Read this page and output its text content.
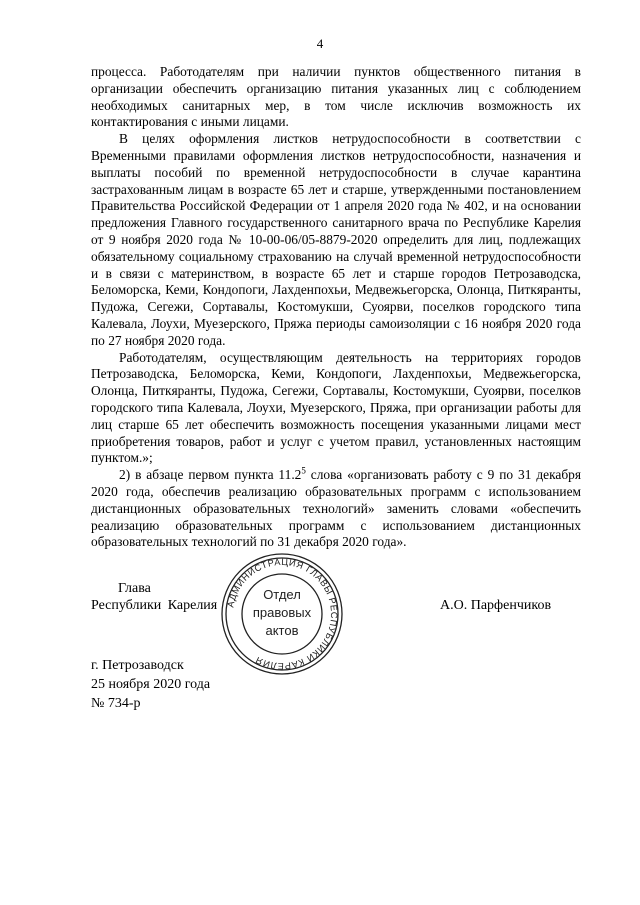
4

процесса. Работодателям при наличии пунктов общественного питания в организации обеспечить организацию питания указанных лиц с соблюдением необходимых санитарных мер, в том числе исключив возможность их контактирования с иными лицами.

В целях оформления листков нетрудоспособности в соответствии с Временными правилами оформления листков нетрудоспособности, назначения и выплаты пособий по временной нетрудоспособности в случае карантина застрахованным лицам в возрасте 65 лет и старше, утвержденными постановлением Правительства Российской Федерации от 1 апреля 2020 года № 402, и на основании предложения Главного государственного санитарного врача по Республике Карелия от 9 ноября 2020 года № 10-00-06/05-8879-2020 определить для лиц, подлежащих обязательному социальному страхованию на случай временной нетрудоспособности и в связи с материнством, в возрасте 65 лет и старше городов Петрозаводска, Беломорска, Кеми, Кондопоги, Лахденпохьи, Медвежьегорска, Олонца, Питкяранты, Пудожа, Сегежи, Сортавалы, Костомукши, Суоярви, поселков городского типа Калевала, Лоухи, Муезерского, Пряжа периоды самоизоляции с 16 ноября 2020 года по 27 ноября 2020 года.

Работодателям, осуществляющим деятельность на территориях городов Петрозаводска, Беломорска, Кеми, Кондопоги, Лахденпохьи, Медвежьегорска, Олонца, Питкяранты, Пудожа, Сегежи, Сортавалы, Костомукши, Суоярви, поселков городского типа Калевала, Лоухи, Муезерского, Пряжа, при организации работы для лиц старше 65 лет обеспечить возможность посещения указанными лицами мест приобретения товаров, работ и услуг с учетом правил, установленных настоящим пунктом.»;

2) в абзаце первом пункта 11.2$^5$ слова «организовать работу с 9 по 31 декабря 2020 года, обеспечив реализацию образовательных программ с использованием дистанционных образовательных технологий» заменить словами «обеспечить реализацию образовательных программ с использованием дистанционных образовательных технологий по 31 декабря 2020 года».

Глава
Республики Карелия	А.О. Парфенчиков
АДМИНИСТРАЦИЯ ГЛАВЫ РЕСПУБЛИКИ КАРЕЛИЯ
Отдел
правовых
актов
г. Петрозаводск
25 ноября 2020 года
№ 734-р
